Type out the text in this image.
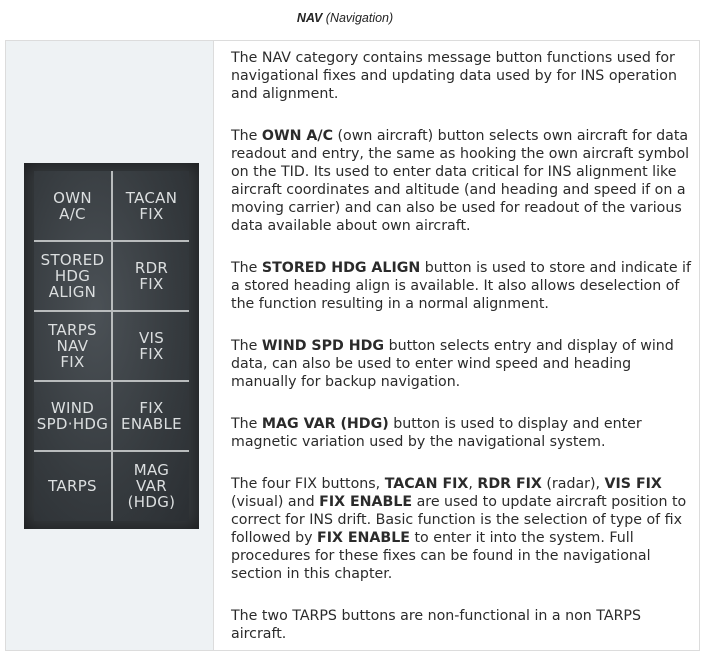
NAV (Navigation)
OWN
A/C
TACAN
FIX
STORED
HDG
ALIGN
RDR
FIX
TARPS
NAV
FIX
VIS
FIX
WIND
SPD·HDG
FIX
ENABLE
TARPS
MAG
VAR
(HDG)

The NAV category contains message button functions used for navigational fixes and updating data used by for INS operation and alignment.

The OWN A/C (own aircraft) button selects own aircraft for data readout and entry, the same as hooking the own aircraft symbol on the TID. Its used to enter data critical for INS alignment like aircraft coordinates and altitude (and heading and speed if on a moving carrier) and can also be used for readout of the various data available about own aircraft.

The STORED HDG ALIGN button is used to store and indicate if a stored heading align is available. It also allows deselection of the function resulting in a normal alignment.

The WIND SPD HDG button selects entry and display of wind data, can also be used to enter wind speed and heading manually for backup navigation.

The MAG VAR (HDG) button is used to display and enter magnetic variation used by the navigational system.

The four FIX buttons, TACAN FIX, RDR FIX (radar), VIS FIX (visual) and FIX ENABLE are used to update aircraft position to correct for INS drift. Basic function is the selection of type of fix followed by FIX ENABLE to enter it into the system. Full procedures for these fixes can be found in the navigational section in this chapter.

The two TARPS buttons are non-functional in a non TARPS aircraft.
